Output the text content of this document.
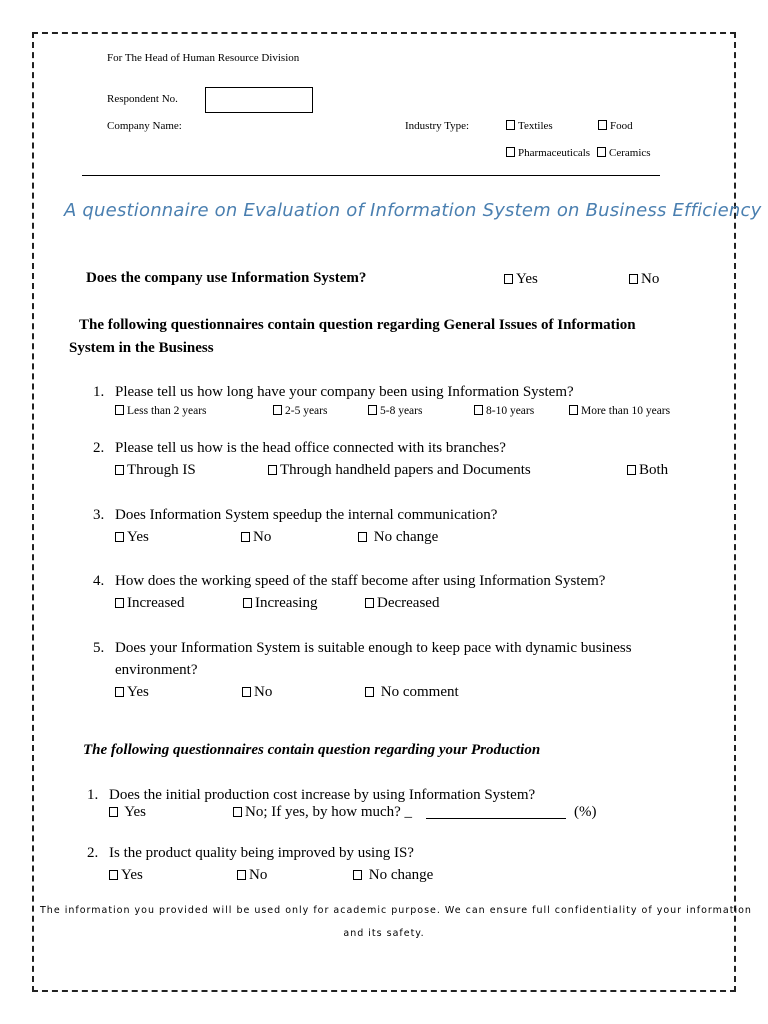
For The Head of Human Resource Division
Respondent No.
Company Name:	Industry Type:	Textiles	Food
Pharmaceuticals	Ceramics
A questionnaire on Evaluation of Information System on Business Efficiency
Does the company use Information System?	Yes	No
The following questionnaires contain question regarding General Issues of Information
System in the Business
1. Please tell us how long have your company been using Information System?
Less than 2 years	2-5 years	5-8 years	8-10 years	More than 10 years
2. Please tell us how is the head office connected with its branches?
Through IS	Through handheld papers and Documents	Both
3. Does Information System speedup the internal communication?
Yes	No	No change
4. How does the working speed of the staff become after using Information System?
Increased	Increasing	Decreased
5. Does your Information System is suitable enough to keep pace with dynamic business
environment?
Yes	No	No comment
The following questionnaires contain question regarding your Production
1. Does the initial production cost increase by using Information System?
Yes	No; If yes, by how much? _	(%)
2. Is the product quality being improved by using IS?
Yes	No	No change
The information you provided will be used only for academic purpose. We can ensure full confidentiality of your information
and its safety.
